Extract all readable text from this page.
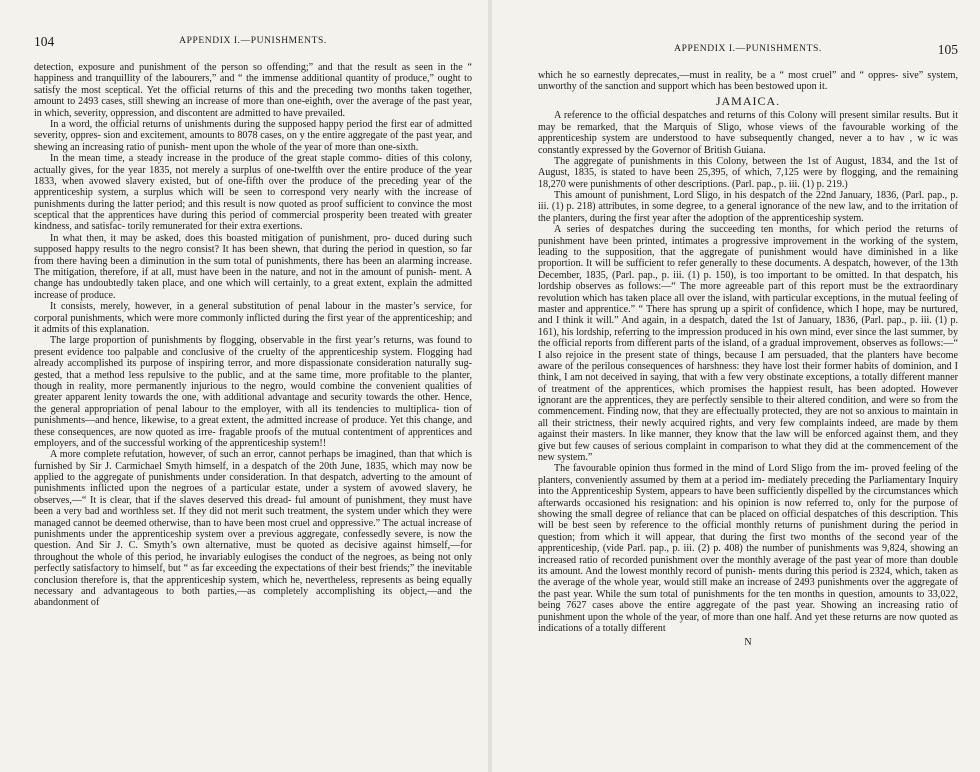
104	APPENDIX I.—PUNISHMENTS.

detection, exposure and punishment of the person so offending;” and that the result as seen in the “ happiness and tranquillity of the labourers,” and “ the immense additional quantity of produce,” ought to satisfy the most sceptical. Yet the official returns of this and the preceding two months taken together, amount to 2493 cases, still shewing an increase of more than one-eighth, over the average of the past year, in which, severity, oppression, and discontent are admitted to have prevailed.

In a word, the official returns of unishments during the supposed happy period the first ear of admitted severity, oppres- sion and excitement, amounts to 8078 cases, on y the entire aggregate of the past year, and shewing an increasing ratio of punish- ment upon the whole of the year of more than one-sixth.

In the mean time, a steady increase in the produce of the great staple commo- dities of this colony, actually gives, for the year 1835, not merely a surplus of one-twelfth over the entire produce of the year 1833, when avowed slavery existed, but of one-fifth over the produce of the preceding year of the apprenticeship system, a surplus which will be seen to correspond very nearly with the increase of punishments during the latter period; and this result is now quoted as proof sufficient to convince the most sceptical that the apprentices have during this period of commercial prosperity been treated with greater kindness, and satisfac- torily remunerated for their extra exertions.

In what then, it may be asked, does this boasted mitigation of punishment, pro- duced during such supposed happy results to the negro consist? It has been shewn, that during the period in question, so far from there having been a diminution in the sum total of punishments, there has been an alarming increase. The mitigation, therefore, if at all, must have been in the nature, and not in the amount of punish- ment. A change has undoubtedly taken place, and one which will certainly, to a great extent, explain the admitted increase of produce.

It consists, merely, however, in a general substitution of penal labour in the master’s service, for corporal punishments, which were more commonly inflicted during the first year of the apprenticeship; and it admits of this explanation.

The large proportion of punishments by flogging, observable in the first year’s returns, was found to present evidence too palpable and conclusive of the cruelty of the apprenticeship system. Flogging had already accomplished its purpose of inspiring terror, and more dispassionate consideration naturally sug- gested, that a method less repulsive to the public, and at the same time, more profitable to the planter, though in reality, more permanently injurious to the negro, would combine the convenient qualities of greater apparent lenity towards the one, with additional advantage and security towards the other. Hence, the general appropriation of penal labour to the employer, with all its tendencies to multiplica- tion of punishments—and hence, likewise, to a great extent, the admitted increase of produce. Yet this change, and these consequences, are now quoted as irre- fragable proofs of the mutual contentment of apprentices and employers, and of the successful working of the apprenticeship system!!

A more complete refutation, however, of such an error, cannot perhaps be imagined, than that which is furnished by Sir J. Carmichael Smyth himself, in a despatch of the 20th June, 1835, which may now be applied to the aggregate of punishments under consideration. In that despatch, adverting to the amount of punishments inflicted upon the negroes of a particular estate, under a system of avowed slavery, he observes,—“ It is clear, that if the slaves deserved this dread- ful amount of punishment, they must have been a very bad and worthless set. If they did not merit such treatment, the system under which they were managed cannot be deemed otherwise, than to have been most cruel and oppressive.” The actual increase of punishments under the apprenticeship system over a previous aggregate, confessedly severe, is now the question. And Sir J. C. Smyth’s own alternative, must be quoted as decisive against himself,—for throughout the whole of this period, he invariably eulogises the conduct of the negroes, as being not only perfectly satisfactory to himself, but “ as far exceeding the expectations of their best friends;” the inevitable conclusion therefore is, that the apprenticeship system, which he, nevertheless, represents as being equally necessary and advantageous to both parties,—as completely accomplishing its object,—and the abandonment of

APPENDIX I.—PUNISHMENTS.	105

which he so earnestly deprecates,—must in reality, be a “ most cruel” and “ oppres- sive” system, unworthy of the sanction and support which has been bestowed upon it.

JAMAICA.

A reference to the official despatches and returns of this Colony will present similar results. But it may be remarked, that the Marquis of Sligo, whose views of the favourable working of the apprenticeship system are understood to have subsequently changed, never a to hav , w ic was constantly expressed by the Governor of British Guiana.

The aggregate of punishments in this Colony, between the 1st of August, 1834, and the 1st of August, 1835, is stated to have been 25,395, of which, 7,125 were by flogging, and the remaining 18,270 were punishments of other descriptions. (Parl. pap., p. iii. (1) p. 219.)

This amount of punishment, Lord Sligo, in his despatch of the 22nd January, 1836, (Parl. pap., p. iii. (1) p. 218) attributes, in some degree, to a general ignorance of the new law, and to the irritation of the planters, during the first year after the adoption of the apprenticeship system.

A series of despatches during the succeeding ten months, for which period the returns of punishment have been printed, intimates a progressive improvement in the working of the system, leading to the supposition, that the aggregate of punishment would have diminished in a like proportion. It will be sufficient to refer generally to these documents. A despatch, however, of the 13th December, 1835, (Parl. pap., p. iii. (1) p. 150), is too important to be omitted. In that despatch, his lordship observes as follows:—“ The more agreeable part of this report must be the extraordinary revolution which has taken place all over the island, with particular exceptions, in the mutual feeling of master and apprentice.” “ There has sprung up a spirit of confidence, which I hope, may be nurtured, and I think it will.” And again, in a despatch, dated the 1st of January, 1836, (Parl. pap., p. iii. (1) p. 161), his lordship, referring to the impression produced in his own mind, ever since the last summer, by the official reports from different parts of the island, of a gradual improvement, observes as follows:—“ I also rejoice in the present state of things, because I am persuaded, that the planters have become aware of the perilous consequences of harshness: they have lost their former habits of dominion, and I think, I am not deceived in saying, that with a few very obstinate exceptions, a totally different manner of treatment of the apprentices, which promises the happiest result, has been adopted. However ignorant are the apprentices, they are perfectly sensible to their altered condition, and were so from the commencement. Finding now, that they are effectually protected, they are not so anxious to maintain in all their strictness, their newly acquired rights, and very few complaints indeed, are made by them against their masters. In like manner, they know that the law will be enforced against them, and they give but few causes of serious complaint in comparison to what they did at the commencement of the new system.”

The favourable opinion thus formed in the mind of Lord Sligo from the im- proved feeling of the planters, conveniently assumed by them at a period im- mediately preceding the Parliamentary Inquiry into the Apprenticeship System, appears to have been sufficiently dispelled by the circumstances which afterwards occasioned his resignation: and his opinion is now referred to, only for the purpose of showing the small degree of reliance that can be placed on official despatches of this description. This will be best seen by reference to the official monthly returns of punishment during the period in question; from which it will appear, that during the first two months of the second year of the apprenticeship, (vide Parl. pap., p. iii. (2) p. 408) the number of punishments was 9,824, showing an increased ratio of recorded punishment over the monthly average of the past year of more than double its amount. And the lowest monthly record of punish- ments during this period is 2324, which, taken as the average of the whole year, would still make an increase of 2493 punishments over the aggregate of the past year. While the sum total of punishments for the ten months in question, amounts to 33,022, being 7627 cases above the entire aggregate of the past year. Showing an increasing ratio of punishment upon the whole of the year, of more than one half. And yet these returns are now quoted as indications of a totally different

N
